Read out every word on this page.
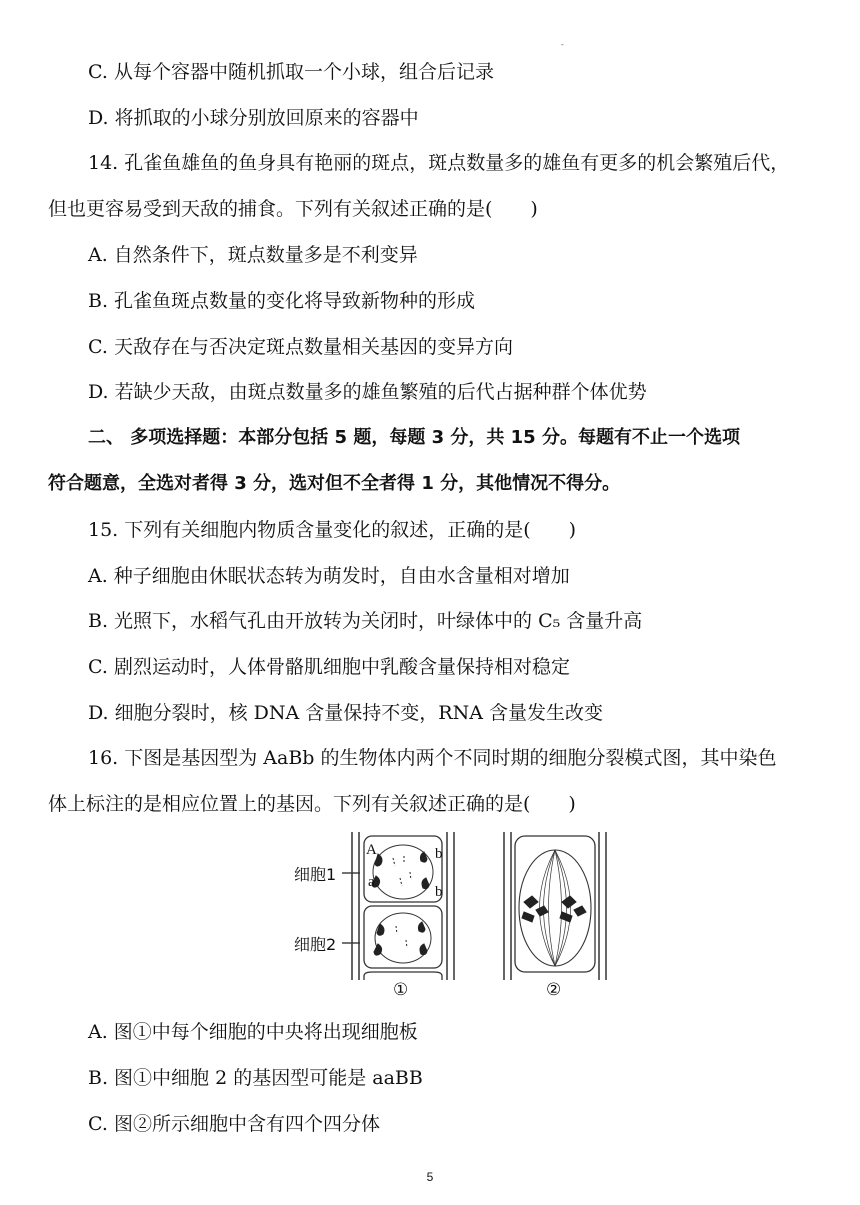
-
C. 从每个容器中随机抓取一个小球，组合后记录
D. 将抓取的小球分别放回原来的容器中
14. 孔雀鱼雄鱼的鱼身具有艳丽的斑点，斑点数量多的雄鱼有更多的机会繁殖后代，
但也更容易受到天敌的捕食。下列有关叙述正确的是(　　)
A. 自然条件下，斑点数量多是不利变异
B. 孔雀鱼斑点数量的变化将导致新物种的形成
C. 天敌存在与否决定斑点数量相关基因的变异方向
D. 若缺少天敌，由斑点数量多的雄鱼繁殖的后代占据种群个体优势
二、 多项选择题：本部分包括 5 题，每题 3 分，共 15 分。每题有不止一个选项
符合题意，全选对者得 3 分，选对但不全者得 1 分，其他情况不得分。
15. 下列有关细胞内物质含量变化的叙述，正确的是(　　)
A. 种子细胞由休眠状态转为萌发时，自由水含量相对增加
B. 光照下，水稻气孔由开放转为关闭时，叶绿体中的 C₅ 含量升高
C. 剧烈运动时，人体骨骼肌细胞中乳酸含量保持相对稳定
D. 细胞分裂时，核 DNA 含量保持不变，RNA 含量发生改变
16. 下图是基因型为 AaBb 的生物体内两个不同时期的细胞分裂模式图，其中染色
体上标注的是相应位置上的基因。下列有关叙述正确的是(　　)
A. 图①中每个细胞的中央将出现细胞板
B. 图①中细胞 2 的基因型可能是 aaBB
C. 图②所示细胞中含有四个四分体
细胞1
细胞2
A
a
b
b
①	②
5
